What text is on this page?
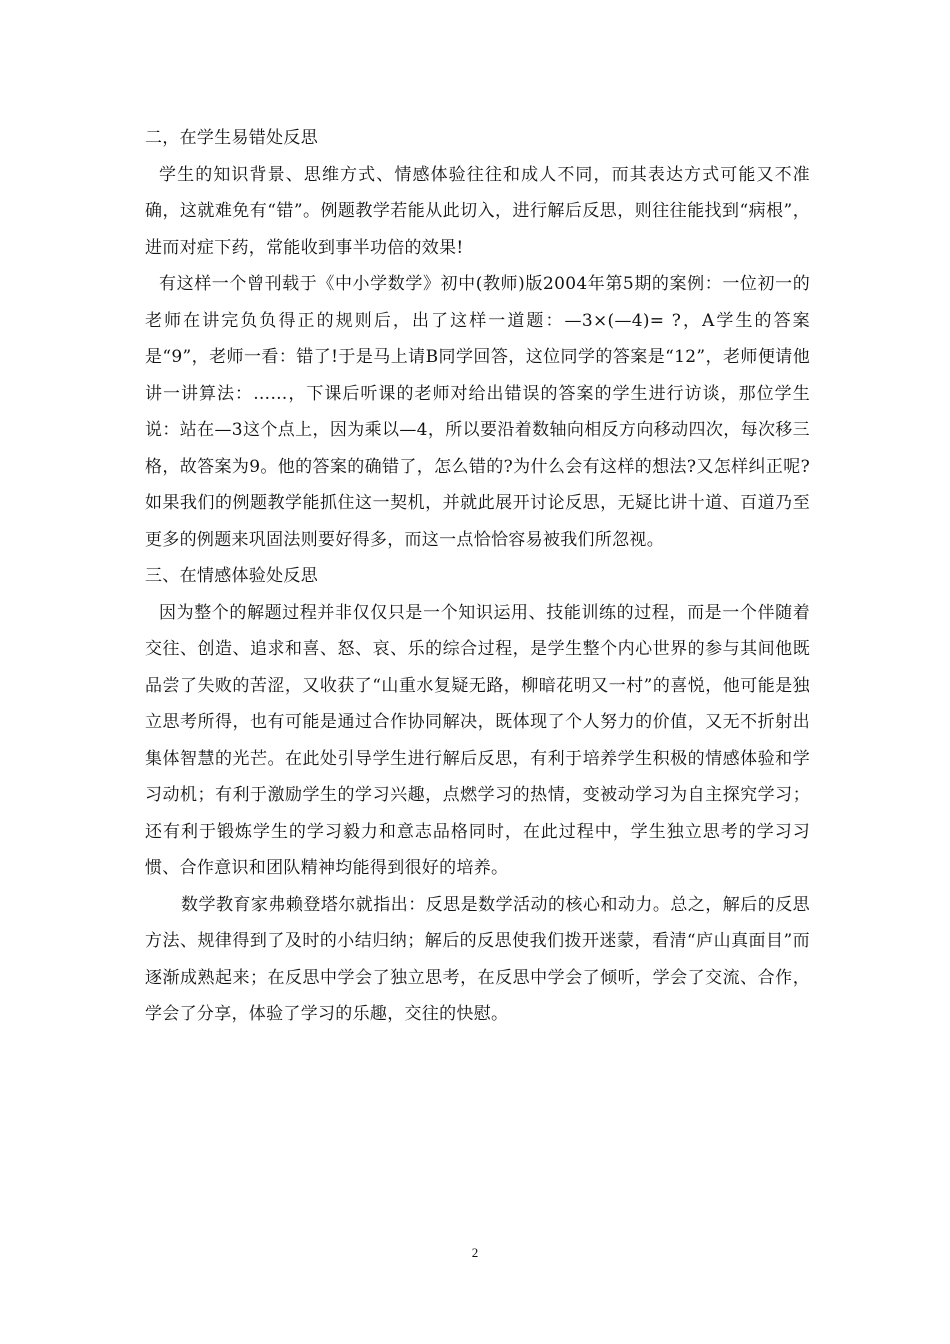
二，在学生易错处反思

学生的知识背景、思维方式、情感体验往往和成人不同，而其表达方式可能又不准确，这就难免有“错”。例题教学若能从此切入，进行解后反思，则往往能找到“病根”，进而对症下药，常能收到事半功倍的效果!

有这样一个曾刊载于《中小学数学》初中(教师)版2004年第5期的案例：一位初一的老师在讲完负负得正的规则后，出了这样一道题：—3×(—4)= ?，A学生的答案是“9”，老师一看：错了!于是马上请B同学回答，这位同学的答案是“12”，老师便请他讲一讲算法：……，下课后听课的老师对给出错误的答案的学生进行访谈，那位学生说：站在—3这个点上，因为乘以—4，所以要沿着数轴向相反方向移动四次，每次移三格，故答案为9。他的答案的确错了，怎么错的?为什么会有这样的想法?又怎样纠正呢?如果我们的例题教学能抓住这一契机，并就此展开讨论反思，无疑比讲十道、百道乃至更多的例题来巩固法则要好得多，而这一点恰恰容易被我们所忽视。

三、在情感体验处反思

因为整个的解题过程并非仅仅只是一个知识运用、技能训练的过程，而是一个伴随着交往、创造、追求和喜、怒、哀、乐的综合过程，是学生整个内心世界的参与其间他既品尝了失败的苦涩，又收获了“山重水复疑无路，柳暗花明又一村”的喜悦，他可能是独立思考所得，也有可能是通过合作协同解决，既体现了个人努力的价值，又无不折射出集体智慧的光芒。在此处引导学生进行解后反思，有利于培养学生积极的情感体验和学习动机；有利于激励学生的学习兴趣，点燃学习的热情，变被动学习为自主探究学习；还有利于锻炼学生的学习毅力和意志品格同时，在此过程中，学生独立思考的学习习惯、合作意识和团队精神均能得到很好的培养。

数学教育家弗赖登塔尔就指出：反思是数学活动的核心和动力。总之，解后的反思方法、规律得到了及时的小结归纳；解后的反思使我们拨开迷蒙，看清“庐山真面目”而逐渐成熟起来；在反思中学会了独立思考，在反思中学会了倾听，学会了交流、合作，学会了分享，体验了学习的乐趣，交往的快慰。

2
